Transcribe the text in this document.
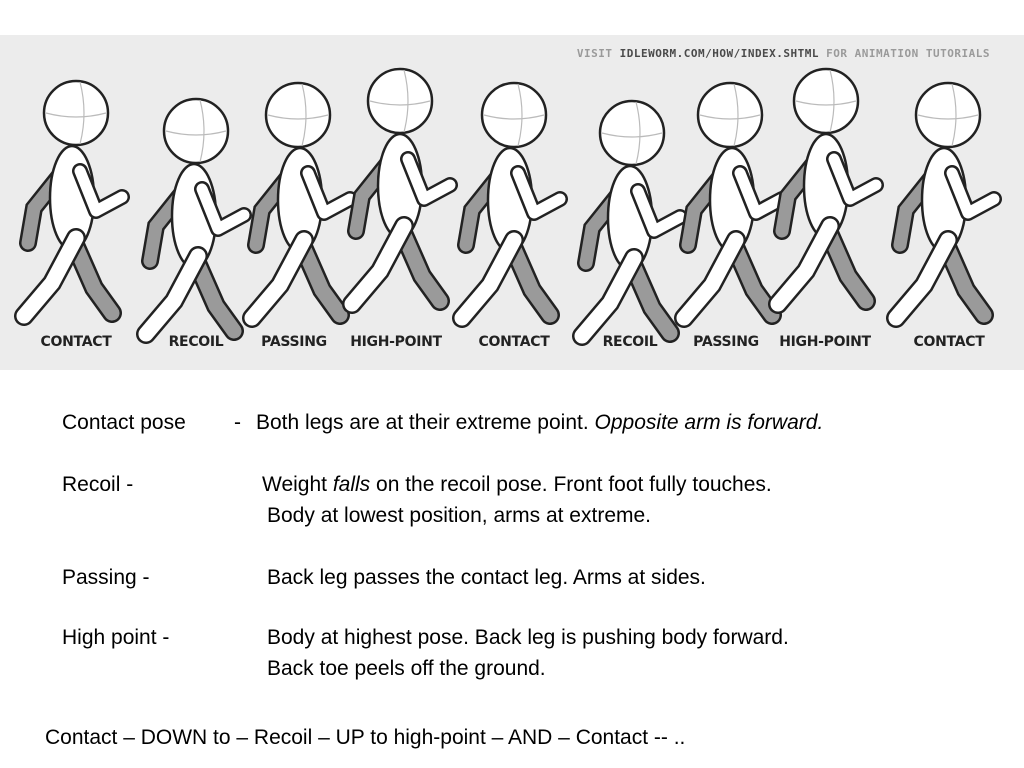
VISIT IDLEWORM.COM/HOW/INDEX.SHTML FOR ANIMATION TUTORIALS
CONTACT	RECOIL	PASSING HIGH-POINT	CONTACT	RECOIL	PASSING HIGH-POINT	CONTACT
Contact pose - Both legs are at their extreme point. Opposite arm is forward.
Recoil -	Weight falls on the recoil pose. Front foot fully touches.
Body at lowest position, arms at extreme.
Passing -	Back leg passes the contact leg. Arms at sides.
High point -	Body at highest pose. Back leg is pushing body forward.
Back toe peels off the ground.
Contact – DOWN to – Recoil – UP to high-point – AND – Contact -- ..
